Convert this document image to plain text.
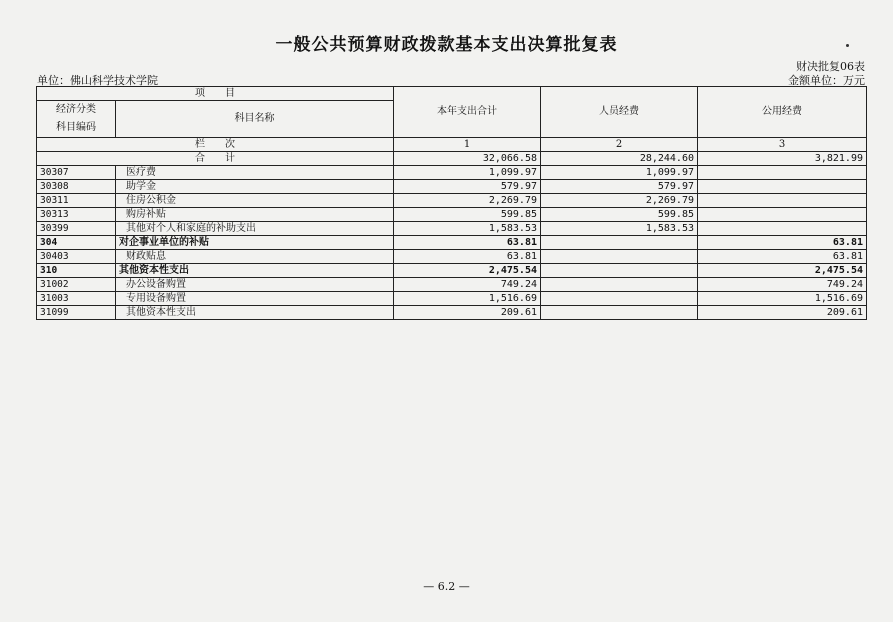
一般公共预算财政拨款基本支出决算批复表
财决批复06表
单位：佛山科学技术学院	金额单位：万元
项　　目		本年支出合计	人员经费	公用经费

经济分类
科目编码	科目名称			
栏　　次		1	2	3
合　　计		32,066.58	28,244.60	3,821.99
30307	医疗费	1,099.97	1,099.97	
30308	助学金	579.97	579.97	
30311	住房公积金	2,269.79	2,269.79	
30313	购房补贴	599.85	599.85	
30399	其他对个人和家庭的补助支出	1,583.53	1,583.53	
304	对企事业单位的补贴	63.81		63.81
30403	财政贴息	63.81		63.81
310	其他资本性支出	2,475.54		2,475.54
31002	办公设备购置	749.24		749.24
31003	专用设备购置	1,516.69		1,516.69
31099	其他资本性支出	209.61		209.61
— 6.2 —
